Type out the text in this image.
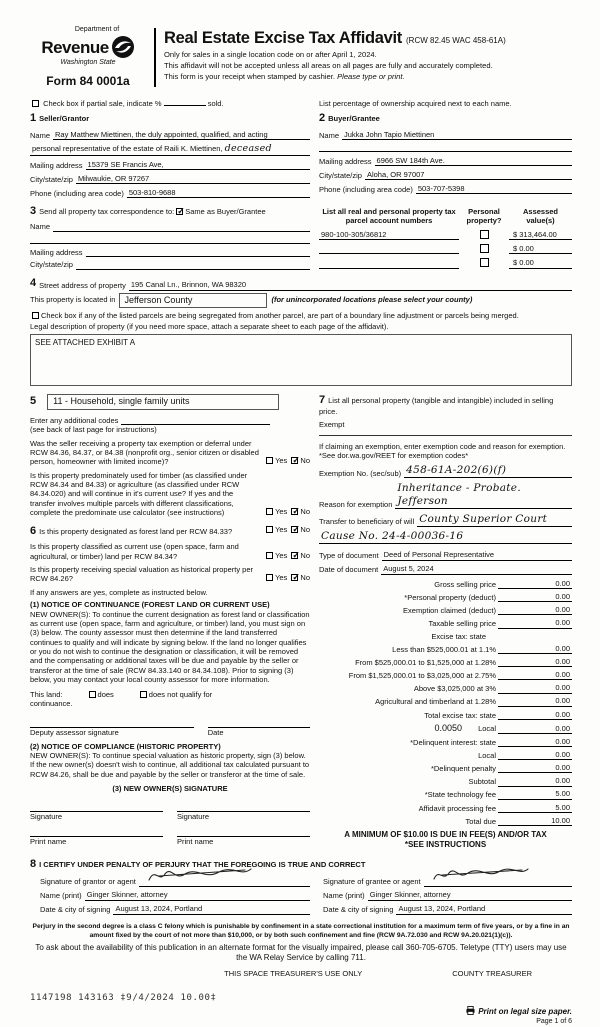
Department of
Revenue
Washington State
Form 84 0001a
Real Estate Excise Tax Affidavit (RCW 82.45 WAC 458-61A)
Only for sales in a single location code on or after April 1, 2024.
This affidavit will not be accepted unless all areas on all pages are fully and accurately completed.
This form is your receipt when stamped by cashier. Please type or print.
Check box if partial sale, indicate %	sold.	List percentage of ownership acquired next to each name.
1 Seller/Grantor
Name Ray Matthew Miettinen, the duly appointed, qualified, and acting
personal representative of the estate of Raili K. Miettinen, deceased
Mailing address 15379 SE Francis Ave,
City/state/zip Milwaukie, OR 97267
Phone (including area code) 503-810-9688
2 Buyer/Grantee
Name Jukka John Tapio Miettinen
Mailing address 6966 SW 184th Ave.
City/state/zip Aloha, OR 97007
Phone (including area code) 503-707-5398
3 Send all property tax correspondence to: ✓ Same as Buyer/Grantee
Name
Mailing address
City/state/zip
List all real and personal property tax parcel account numbers
Personal property?
Assessed value(s)
980-100-305/36812	$ 313,464.00
$ 0.00
$ 0.00
4 Street address of property 195 Canal Ln., Brinnon, WA 98320
This property is located in	Jefferson County	(for unincorporated locations please select your county)
Check box if any of the listed parcels are being segregated from another parcel, are part of a boundary line adjustment or parcels being merged.
Legal description of property (if you need more space, attach a separate sheet to each page of the affidavit).
SEE ATTACHED EXHIBIT A
5	11 - Household, single family units
Enter any additional codes
(see back of last page for instructions)
Was the seller receiving a property tax exemption or deferral under RCW 84.36, 84.37, or 84.38 (nonprofit org., senior citizen or disabled person, homeowner with limited income)?	Yes ✓ No
Is this property predominately used for timber (as classified under RCW 84.34 and 84.33) or agriculture (as classified under RCW 84.34.020) and will continue in it's current use? If yes and the transfer involves multiple parcels with different classifications, complete the predominate use calculator (see instructions)	Yes ✓ No
6 Is this property designated as forest land per RCW 84.33?	Yes ✓ No
Is this property classified as current use (open space, farm and agricultural, or timber) land per RCW 84.34?	Yes ✓ No
Is this property receiving special valuation as historical property per RCW 84.26?	Yes ✓ No
If any answers are yes, complete as instructed below.
(1) NOTICE OF CONTINUANCE (FOREST LAND OR CURRENT USE)
NEW OWNER(S): To continue the current designation as forest land or classification as current use (open space, farm and agriculture, or timber) land, you must sign on (3) below. The county assessor must then determine if the land transferred continues to qualify and will indicate by signing below. If the land no longer qualifies or you do not wish to continue the designation or classification, it will be removed and the compensating or additional taxes will be due and payable by the seller or transferor at the time of sale (RCW 84.33.140 or 84.34.108). Prior to signing (3) below, you may contact your local county assessor for more information.
This land:	does	does not qualify for
continuance.
Deputy assessor signature	Date
(2) NOTICE OF COMPLIANCE (HISTORIC PROPERTY)
NEW OWNER(S): To continue special valuation as historic property, sign (3) below. If the new owner(s) doesn't wish to continue, all additional tax calculated pursuant to RCW 84.26, shall be due and payable by the seller or transferor at the time of sale.
(3) NEW OWNER(S) SIGNATURE
Signature	Signature
Print name	Print name
7 List all personal property (tangible and intangible) included in selling price.
Exempt
If claiming an exemption, enter exemption code and reason for exemption. *See dor.wa.gov/REET for exemption codes*
Exemption No. (sec/sub) 458-61A-202(6)(f)
Reason for exemption
Inheritance - Probate. Jefferson
Transfer to beneficiary of will County Superior Court
Cause No. 24-4-00036-16
Type of document Deed of Personal Representative
Date of document August 5, 2024
Gross selling price	0.00
*Personal property (deduct)	0.00
Exemption claimed (deduct)	0.00
Taxable selling price	0.00
Excise tax: state
Less than $525,000.01 at 1.1%	0.00
From $525,000.01 to $1,525,000 at 1.28%	0.00
From $1,525,000.01 to $3,025,000 at 2.75%	0.00
Above $3,025,000 at 3%	0.00
Agricultural and timberland at 1.28%	0.00
Total excise tax: state	0.00
0.0050 Local	0.00
*Delinquent interest: state	0.00
Local	0.00
*Delinquent penalty	0.00
Subtotal	0.00
*State technology fee	5.00
Affidavit processing fee	5.00
Total due	10.00
A MINIMUM OF $10.00 IS DUE IN FEE(S) AND/OR TAX
*SEE INSTRUCTIONS
8 I CERTIFY UNDER PENALTY OF PERJURY THAT THE FOREGOING IS TRUE AND CORRECT
Signature of grantor or agent
Name (print) Ginger Skinner, attorney
Date & city of signing August 13, 2024, Portland
Signature of grantee or agent
Name (print) Ginger Skinner, attorney
Date & city of signing August 13, 2024, Portland
Perjury in the second degree is a class C felony which is punishable by confinement in a state correctional institution for a maximum term of five years, or by a fine in an amount fixed by the court of not more than $10,000, or by both such confinement and fine (RCW 9A.72.030 and RCW 9A.20.021(1)(c)).
To ask about the availability of this publication in an alternate format for the visually impaired, please call 360-705-6705. Teletype (TTY) users may use the WA Relay Service by calling 711.
THIS SPACE TREASURER'S USE ONLY	COUNTY TREASURER
1147198 143163 ‡9/4/2024 10.00‡
Print on legal size paper.
Page 1 of 6
